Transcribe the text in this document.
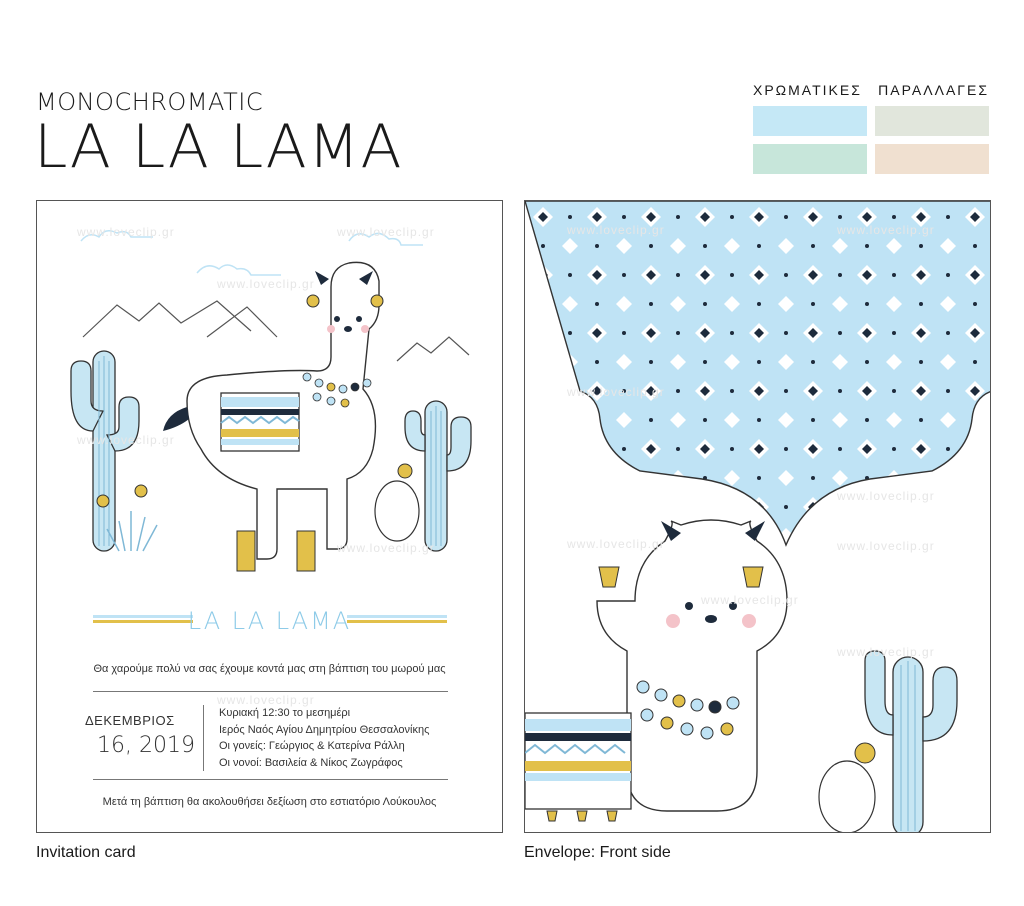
MONOCHROMATIC
LA LA LAMA
ΧΡΩΜΑΤΙΚΕΣ ΠΑΡΑΛΛΑΓΕΣ
LA LA LAMA
Θα χαρούμε πολύ να σας έχουμε κοντά μας στη βάπτιση του μωρού μας
ΔΕΚΕΜΒΡΙΟΣ
16, 2019
Κυριακή 12:30 το μεσημέρι
Ιερός Ναός Αγίου Δημητρίου Θεσσαλονίκης
Οι γονείς: Γεώργιος & Κατερίνα Ράλλη
Οι νονοί: Βασιλεία & Νίκος Ζωγράφος
Μετά τη βάπτιση θα ακολουθήσει δεξίωση στο εστιατόριο Λούκουλος
www.loveclip.gr	www.loveclip.gr
www.loveclip.gr
www.loveclip.gr
www.loveclip.gr
www.loveclip.gr
www.loveclip.gr	www.loveclip.gr
www.loveclip.gr
www.loveclip.gr
www.loveclip.gr	www.loveclip.gr
www.loveclip.gr
www.loveclip.gr
Invitation card	Envelope: Front side
